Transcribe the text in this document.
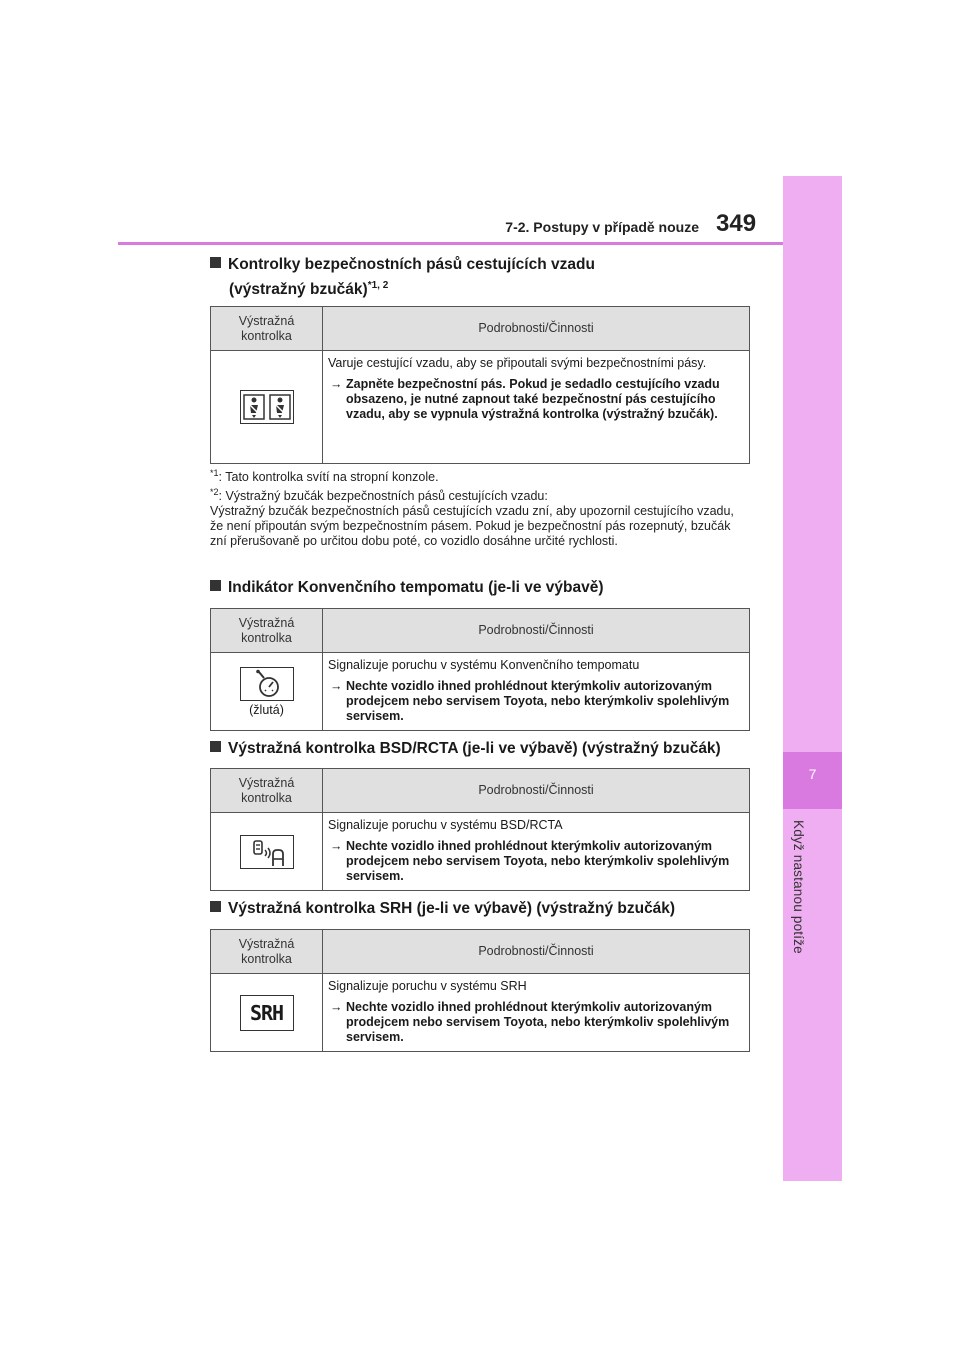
7
Když nastanou potíže
7-2. Postupy v případě nouze 349
Kontrolky bezpečnostních pásů cestujících vzadu
(výstražný bzučák)$^{*1, 2}$
Výstražná kontrolka	Podrobnosti/Činnosti

Varuje cestující vzadu, aby se připoutali svými bezpečnostními pásy.

→ Zapněte bezpečnostní pás. Pokud je sedadlo cestujícího vzadu obsazeno, je nutné zapnout také bezpečnostní pás cestujícího vzadu, aby se vypnula výstražná kontrolka (výstražný bzučák).

$^{*1}$: Tato kontrolka svítí na stropní konzole.

$^{*2}$: Výstražný bzučák bezpečnostních pásů cestujících vzadu:

Výstražný bzučák bezpečnostních pásů cestujících vzadu zní, aby upozornil cestujícího vzadu, že není připoután svým bezpečnostním pásem. Pokud je bezpečnostní pás rozepnutý, bzučák zní přerušovaně po určitou dobu poté, co vozidlo dosáhne určité rychlosti.

Indikátor Konvenčního tempomatu (je-li ve výbavě)
Výstražná kontrolka	Podrobnosti/Činnosti

(žlutá)	Signalizuje poruchu v systému Konvenčního tempomatu

→ Nechte vozidlo ihned prohlédnout kterýmkoliv autorizovaným prodejcem nebo servisem Toyota, nebo kterýmkoliv spolehlivým servisem.
Výstražná kontrolka BSD/RCTA (je-li ve výbavě) (výstražný bzučák)
Výstražná kontrolka	Podrobnosti/Činnosti

Signalizuje poruchu v systému BSD/RCTA

→ Nechte vozidlo ihned prohlédnout kterýmkoliv autorizovaným prodejcem nebo servisem Toyota, nebo kterýmkoliv spolehlivým servisem.
Výstražná kontrolka SRH (je-li ve výbavě) (výstražný bzučák)
Výstražná kontrolka	Podrobnosti/Činnosti
SRH	Signalizuje poruchu v systému SRH

→ Nechte vozidlo ihned prohlédnout kterýmkoliv autorizovaným prodejcem nebo servisem Toyota, nebo kterýmkoliv spolehlivým servisem.
